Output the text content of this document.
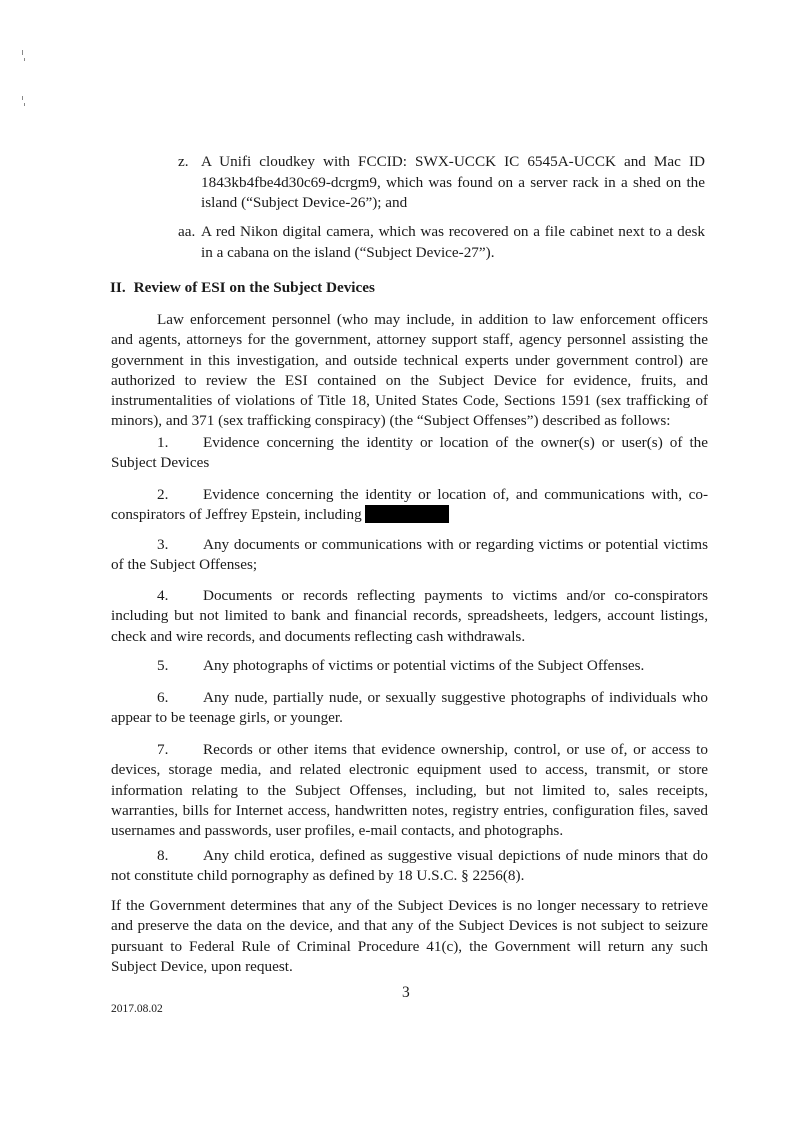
z. A Unifi cloudkey with FCCID: SWX-UCCK IC 6545A-UCCK and Mac ID 1843kb4fbe4d30c69-dcrgm9, which was found on a server rack in a shed on the island (“Subject Device-26”); and
aa. A red Nikon digital camera, which was recovered on a file cabinet next to a desk in a cabana on the island (“Subject Device-27”).
II. Review of ESI on the Subject Devices
Law enforcement personnel (who may include, in addition to law enforcement officers and agents, attorneys for the government, attorney support staff, agency personnel assisting the government in this investigation, and outside technical experts under government control) are authorized to review the ESI contained on the Subject Device for evidence, fruits, and instrumentalities of violations of Title 18, United States Code, Sections 1591 (sex trafficking of minors), and 371 (sex trafficking conspiracy) (the “Subject Offenses”) described as follows:
1. Evidence concerning the identity or location of the owner(s) or user(s) of the Subject Devices
2. Evidence concerning the identity or location of, and communications with, co-conspirators of Jeffrey Epstein, including
3. Any documents or communications with or regarding victims or potential victims of the Subject Offenses;
4. Documents or records reflecting payments to victims and/or co-conspirators including but not limited to bank and financial records, spreadsheets, ledgers, account listings, check and wire records, and documents reflecting cash withdrawals.
5. Any photographs of victims or potential victims of the Subject Offenses.
6. Any nude, partially nude, or sexually suggestive photographs of individuals who appear to be teenage girls, or younger.
7. Records or other items that evidence ownership, control, or use of, or access to devices, storage media, and related electronic equipment used to access, transmit, or store information relating to the Subject Offenses, including, but not limited to, sales receipts, warranties, bills for Internet access, handwritten notes, registry entries, configuration files, saved usernames and passwords, user profiles, e-mail contacts, and photographs.
8. Any child erotica, defined as suggestive visual depictions of nude minors that do not constitute child pornography as defined by 18 U.S.C. § 2256(8).
If the Government determines that any of the Subject Devices is no longer necessary to retrieve and preserve the data on the device, and that any of the Subject Devices is not subject to seizure pursuant to Federal Rule of Criminal Procedure 41(c), the Government will return any such Subject Device, upon request.
3
2017.08.02
